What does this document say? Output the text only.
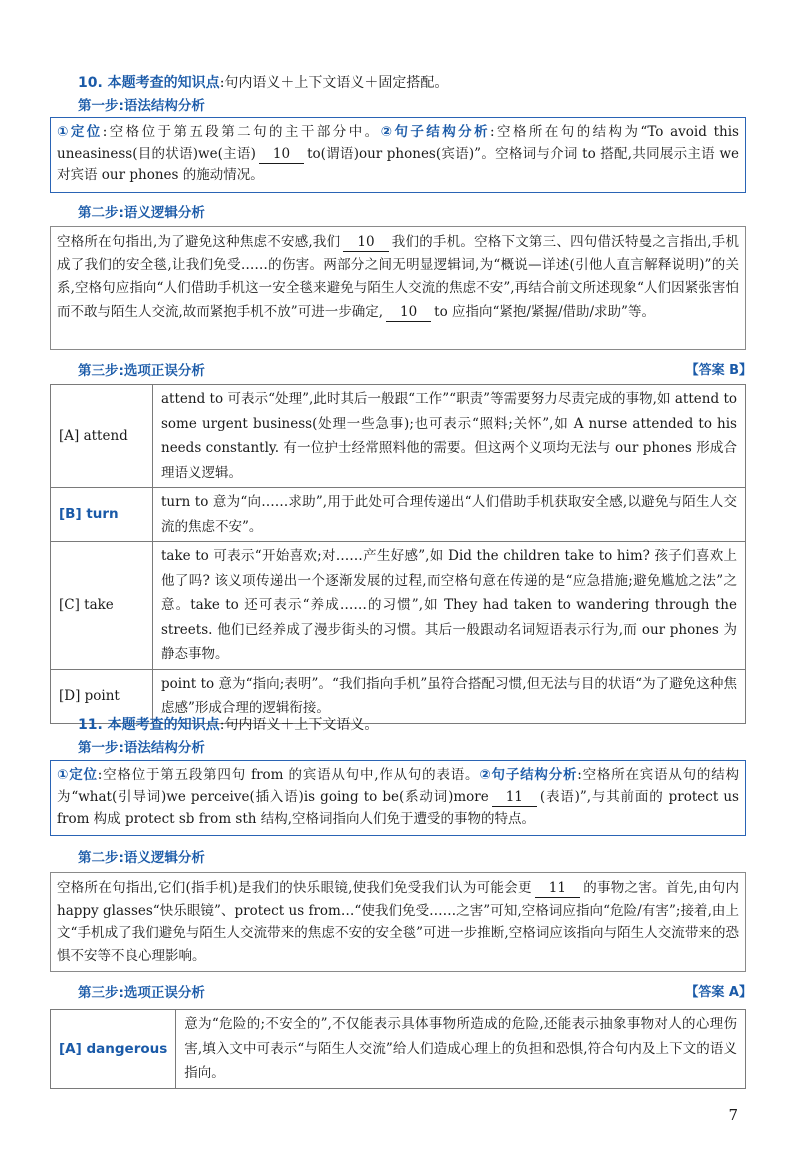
10. 本题考查的知识点:句内语义＋上下文语义＋固定搭配。
第一步:语法结构分析
①定位:空格位于第五段第二句的主干部分中。②句子结构分析:空格所在句的结构为“To avoid this uneasiness(目的状语)we(主语) 10 to(谓语)our phones(宾语)”。空格词与介词 to 搭配,共同展示主语 we 对宾语 our phones 的施动情况。
第二步:语义逻辑分析
空格所在句指出,为了避免这种焦虑不安感,我们 10 我们的手机。空格下文第三、四句借沃特曼之言指出,手机成了我们的安全毯,让我们免受……的伤害。两部分之间无明显逻辑词,为“概说—详述(引他人直言解释说明)”的关系,空格句应指向“人们借助手机这一安全毯来避免与陌生人交流的焦虑不安”,再结合前文所述现象“人们因紧张害怕而不敢与陌生人交流,故而紧抱手机不放”可进一步确定, 10 to 应指向“紧抱/紧握/借助/求助”等。
第三步:选项正误分析	【答案 B】
[A] attend	attend to 可表示“处理”,此时其后一般跟“工作”“职责”等需要努力尽责完成的事物,如 attend to some urgent business(处理一些急事);也可表示“照料;关怀”,如 A nurse attended to his needs constantly. 有一位护士经常照料他的需要。但这两个义项均无法与 our phones 形成合理语义逻辑。
[B] turn	turn to 意为“向……求助”,用于此处可合理传递出“人们借助手机获取安全感,以避免与陌生人交流的焦虑不安”。
[C] take	take to 可表示“开始喜欢;对……产生好感”,如 Did the children take to him? 孩子们喜欢上他了吗? 该义项传递出一个逐渐发展的过程,而空格句意在传递的是“应急措施;避免尴尬之法”之意。take to 还可表示“养成……的习惯”,如 They had taken to wandering through the streets. 他们已经养成了漫步街头的习惯。其后一般跟动名词短语表示行为,而 our phones 为静态事物。
[D] point	point to 意为“指向;表明”。“我们指向手机”虽符合搭配习惯,但无法与目的状语“为了避免这种焦虑感”形成合理的逻辑衔接。
11. 本题考查的知识点:句内语义＋上下文语义。
第一步:语法结构分析
①定位:空格位于第五段第四句 from 的宾语从句中,作从句的表语。②句子结构分析:空格所在宾语从句的结构为“what(引导词)we perceive(插入语)is going to be(系动词)more 11 (表语)”,与其前面的 protect us from 构成 protect sb from sth 结构,空格词指向人们免于遭受的事物的特点。
第二步:语义逻辑分析
空格所在句指出,它们(指手机)是我们的快乐眼镜,使我们免受我们认为可能会更 11 的事物之害。首先,由句内 happy glasses“快乐眼镜”、protect us from…“使我们免受……之害”可知,空格词应指向“危险/有害”;接着,由上文“手机成了我们避免与陌生人交流带来的焦虑不安的安全毯”可进一步推断,空格词应该指向与陌生人交流带来的恐惧不安等不良心理影响。
第三步:选项正误分析	【答案 A】
[A] dangerous	意为“危险的;不安全的”,不仅能表示具体事物所造成的危险,还能表示抽象事物对人的心理伤害,填入文中可表示“与陌生人交流”给人们造成心理上的负担和恐惧,符合句内及上下文的语义指向。
7
